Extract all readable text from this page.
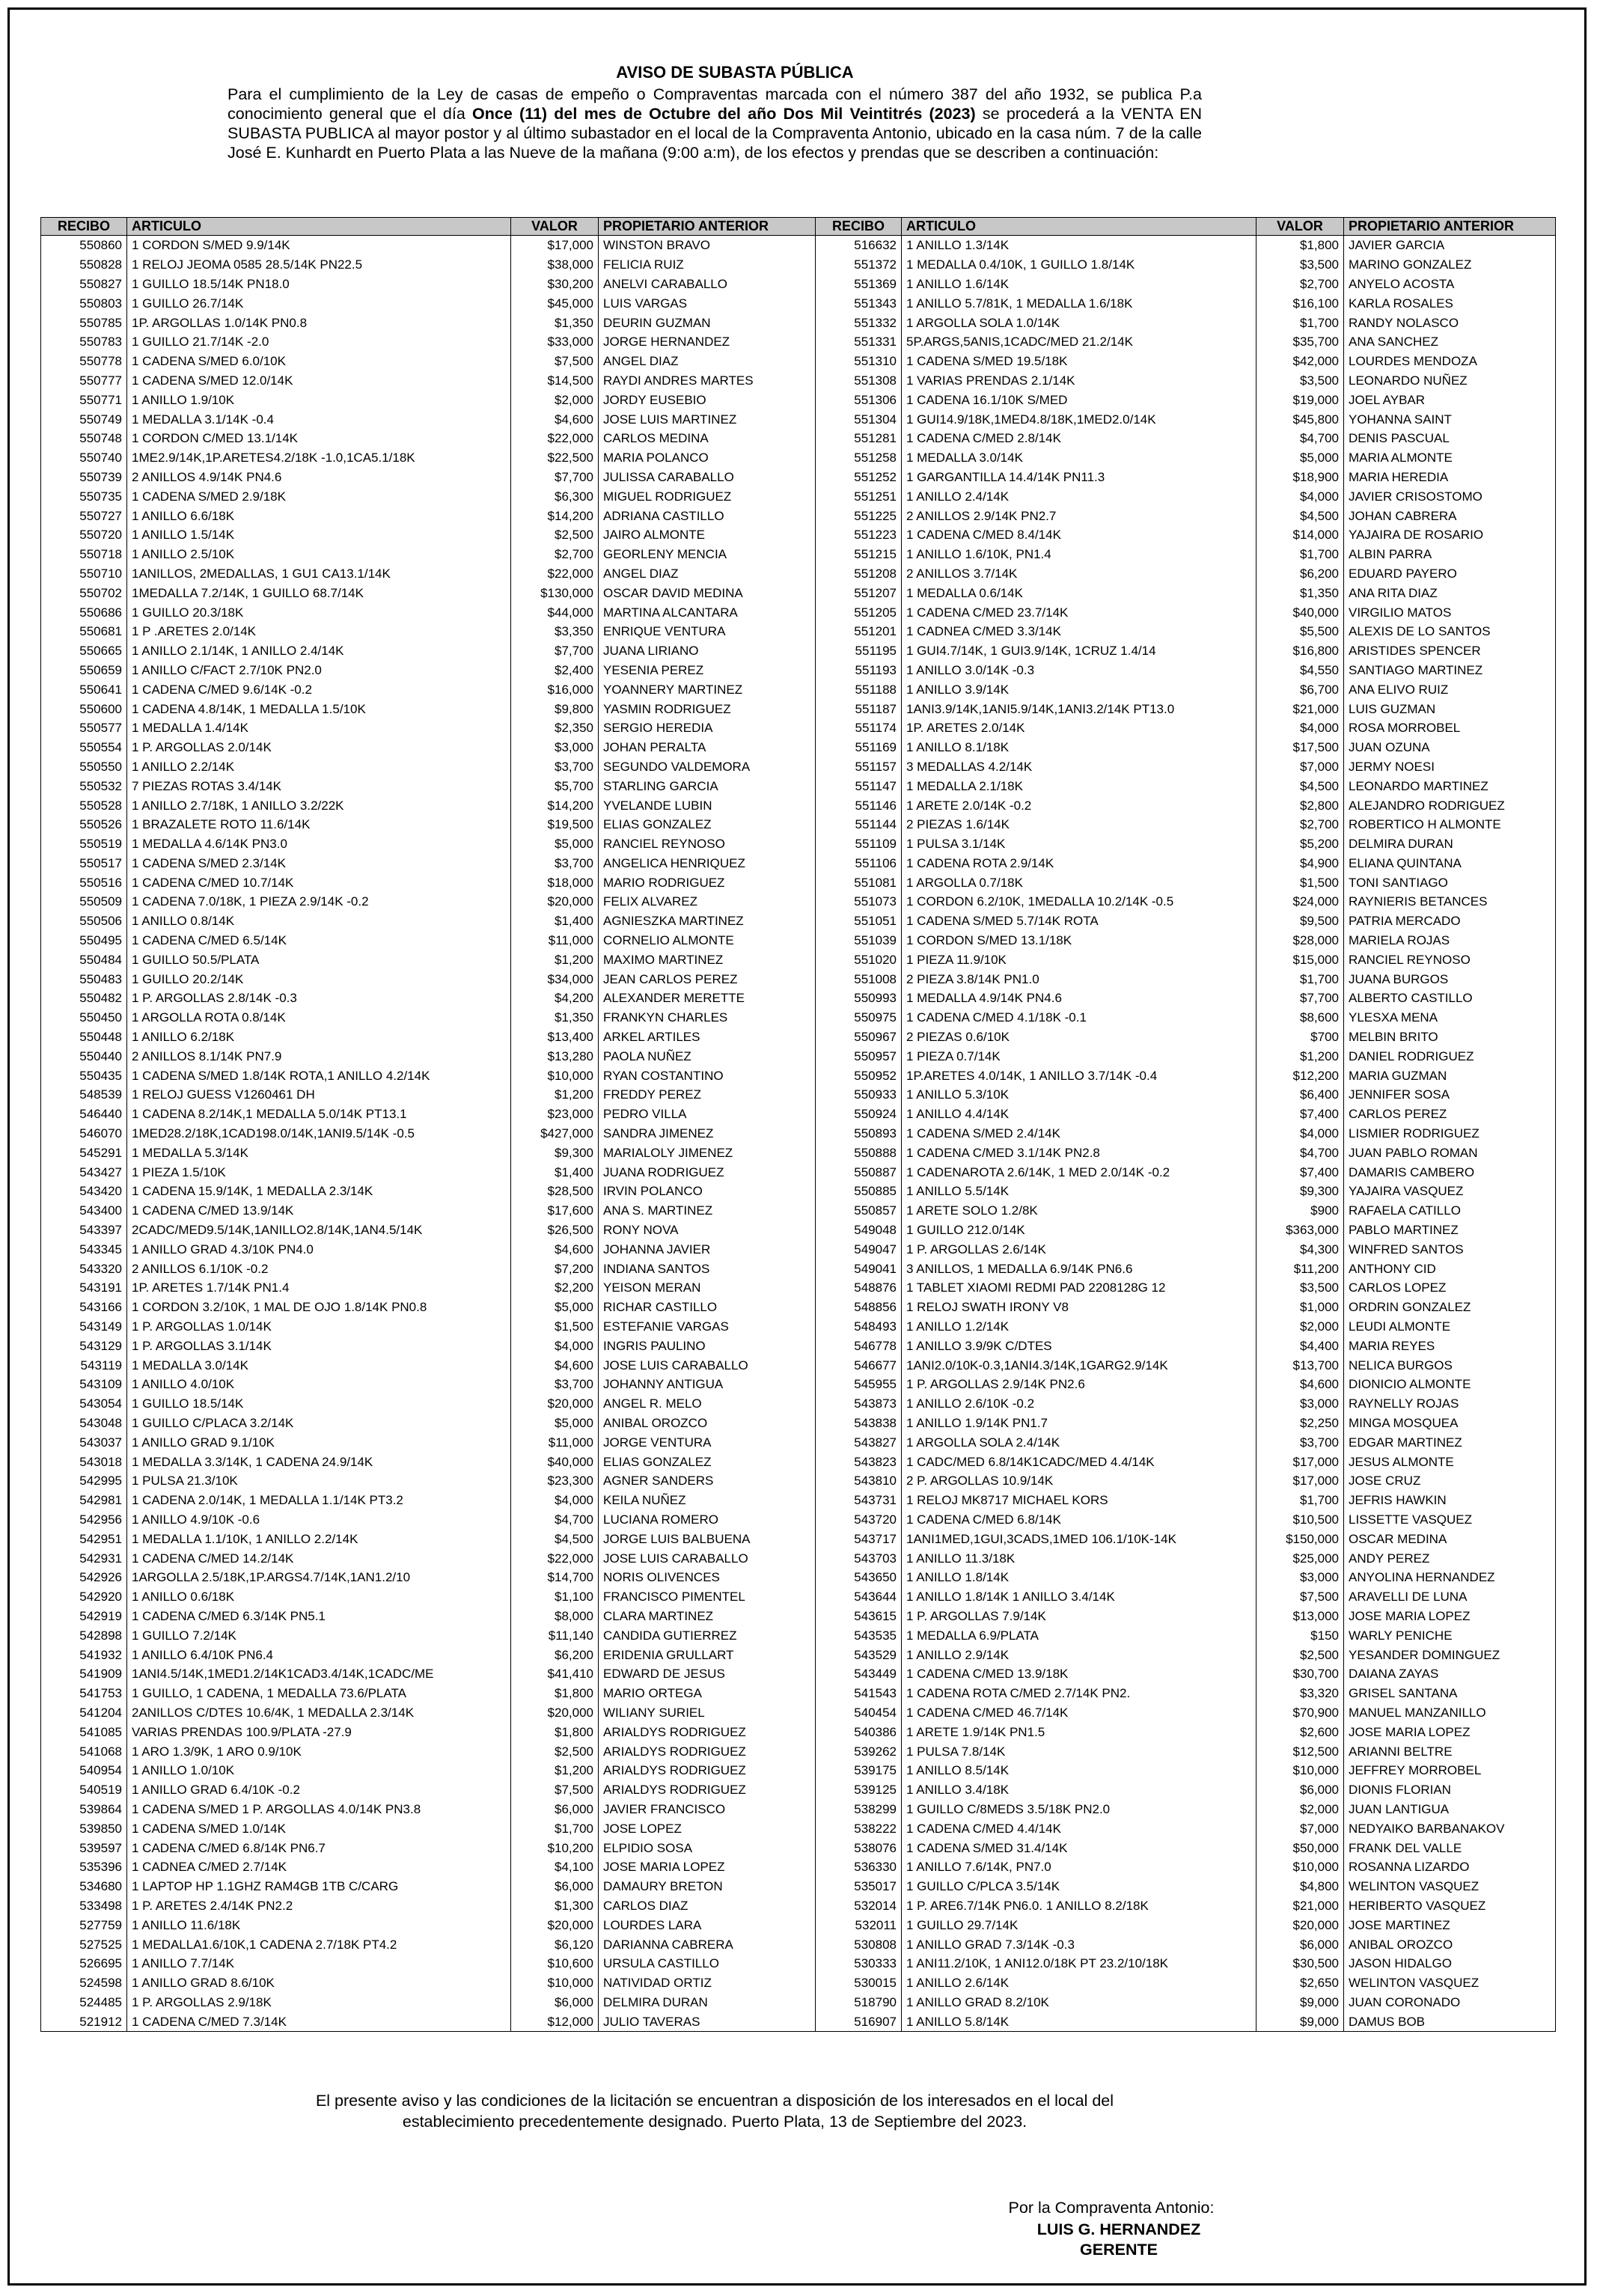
AVISO DE SUBASTA PÚBLICA
Para el cumplimiento de la Ley de casas de empeño o Compraventas marcada con el número 387 del año 1932, se publica P.a conocimiento general que el día Once (11) del mes de Octubre del año Dos Mil Veintitrés (2023) se procederá a la VENTA EN SUBASTA PUBLICA al mayor postor y al último subastador en el local de la Compraventa Antonio, ubicado en la casa núm. 7 de la calle José E. Kunhardt en Puerto Plata a las Nueve de la mañana (9:00 a:m), de los efectos y prendas que se describen a continuación:
RECIBO	ARTICULO	VALOR	PROPIETARIO ANTERIOR	RECIBO	ARTICULO	VALOR	PROPIETARIO ANTERIOR
550860	1 CORDON S/MED 9.9/14K	$17,000	WINSTON BRAVO	516632	1 ANILLO 1.3/14K	$1,800	JAVIER GARCIA
550828	1 RELOJ JEOMA 0585 28.5/14K PN22.5	$38,000	FELICIA RUIZ	551372	1 MEDALLA 0.4/10K, 1 GUILLO 1.8/14K	$3,500	MARINO GONZALEZ
550827	1 GUILLO 18.5/14K PN18.0	$30,200	ANELVI CARABALLO	551369	1 ANILLO 1.6/14K	$2,700	ANYELO ACOSTA
550803	1 GUILLO 26.7/14K	$45,000	LUIS VARGAS	551343	1 ANILLO 5.7/81K, 1 MEDALLA 1.6/18K	$16,100	KARLA ROSALES
550785	1P. ARGOLLAS 1.0/14K PN0.8	$1,350	DEURIN GUZMAN	551332	1 ARGOLLA SOLA 1.0/14K	$1,700	RANDY NOLASCO
550783	1 GUILLO 21.7/14K -2.0	$33,000	JORGE HERNANDEZ	551331	5P.ARGS,5ANIS,1CADC/MED 21.2/14K	$35,700	ANA SANCHEZ
550778	1 CADENA S/MED 6.0/10K	$7,500	ANGEL DIAZ	551310	1 CADENA S/MED 19.5/18K	$42,000	LOURDES MENDOZA
550777	1 CADENA S/MED 12.0/14K	$14,500	RAYDI ANDRES MARTES	551308	1 VARIAS PRENDAS 2.1/14K	$3,500	LEONARDO NUÑEZ
550771	1 ANILLO 1.9/10K	$2,000	JORDY EUSEBIO	551306	1 CADENA 16.1/10K S/MED	$19,000	JOEL AYBAR
550749	1 MEDALLA 3.1/14K -0.4	$4,600	JOSE LUIS MARTINEZ	551304	1 GUI14.9/18K,1MED4.8/18K,1MED2.0/14K	$45,800	YOHANNA SAINT
550748	1 CORDON C/MED 13.1/14K	$22,000	CARLOS MEDINA	551281	1 CADENA C/MED 2.8/14K	$4,700	DENIS PASCUAL
550740	1ME2.9/14K,1P.ARETES4.2/18K -1.0,1CA5.1/18K	$22,500	MARIA POLANCO	551258	1 MEDALLA 3.0/14K	$5,000	MARIA ALMONTE
550739	2 ANILLOS 4.9/14K PN4.6	$7,700	JULISSA CARABALLO	551252	1 GARGANTILLA 14.4/14K PN11.3	$18,900	MARIA HEREDIA
550735	1 CADENA S/MED 2.9/18K	$6,300	MIGUEL RODRIGUEZ	551251	1 ANILLO 2.4/14K	$4,000	JAVIER CRISOSTOMO
550727	1 ANILLO 6.6/18K	$14,200	ADRIANA CASTILLO	551225	2 ANILLOS 2.9/14K PN2.7	$4,500	JOHAN CABRERA
550720	1 ANILLO 1.5/14K	$2,500	JAIRO ALMONTE	551223	1 CADENA C/MED 8.4/14K	$14,000	YAJAIRA DE ROSARIO
550718	1 ANILLO 2.5/10K	$2,700	GEORLENY MENCIA	551215	1 ANILLO 1.6/10K, PN1.4	$1,700	ALBIN PARRA
550710	1ANILLOS, 2MEDALLAS, 1 GU1 CA13.1/14K	$22,000	ANGEL DIAZ	551208	2 ANILLOS 3.7/14K	$6,200	EDUARD PAYERO
550702	1MEDALLA 7.2/14K, 1 GUILLO 68.7/14K	$130,000	OSCAR DAVID MEDINA	551207	1 MEDALLA 0.6/14K	$1,350	ANA RITA DIAZ
550686	1 GUILLO 20.3/18K	$44,000	MARTINA ALCANTARA	551205	1 CADENA C/MED 23.7/14K	$40,000	VIRGILIO MATOS
550681	1 P .ARETES 2.0/14K	$3,350	ENRIQUE VENTURA	551201	1 CADNEA C/MED 3.3/14K	$5,500	ALEXIS DE LO SANTOS
550665	1 ANILLO 2.1/14K, 1 ANILLO 2.4/14K	$7,700	JUANA LIRIANO	551195	1 GUI4.7/14K, 1 GUI3.9/14K, 1CRUZ 1.4/14	$16,800	ARISTIDES SPENCER
550659	1 ANILLO C/FACT 2.7/10K PN2.0	$2,400	YESENIA PEREZ	551193	1 ANILLO 3.0/14K -0.3	$4,550	SANTIAGO MARTINEZ
550641	1 CADENA C/MED 9.6/14K -0.2	$16,000	YOANNERY MARTINEZ	551188	1 ANILLO 3.9/14K	$6,700	ANA ELIVO RUIZ
550600	1 CADENA 4.8/14K, 1 MEDALLA 1.5/10K	$9,800	YASMIN RODRIGUEZ	551187	1ANI3.9/14K,1ANI5.9/14K,1ANI3.2/14K PT13.0	$21,000	LUIS GUZMAN
550577	1 MEDALLA 1.4/14K	$2,350	SERGIO HEREDIA	551174	1P. ARETES 2.0/14K	$4,000	ROSA MORROBEL
550554	1 P. ARGOLLAS 2.0/14K	$3,000	JOHAN PERALTA	551169	1 ANILLO 8.1/18K	$17,500	JUAN OZUNA
550550	1 ANILLO 2.2/14K	$3,700	SEGUNDO VALDEMORA	551157	3 MEDALLAS 4.2/14K	$7,000	JERMY NOESI
550532	7 PIEZAS ROTAS 3.4/14K	$5,700	STARLING GARCIA	551147	1 MEDALLA 2.1/18K	$4,500	LEONARDO MARTINEZ
550528	1 ANILLO 2.7/18K, 1 ANILLO 3.2/22K	$14,200	YVELANDE LUBIN	551146	1 ARETE 2.0/14K -0.2	$2,800	ALEJANDRO RODRIGUEZ
550526	1 BRAZALETE ROTO 11.6/14K	$19,500	ELIAS GONZALEZ	551144	2 PIEZAS 1.6/14K	$2,700	ROBERTICO H ALMONTE
550519	1 MEDALLA 4.6/14K PN3.0	$5,000	RANCIEL REYNOSO	551109	1 PULSA 3.1/14K	$5,200	DELMIRA DURAN
550517	1 CADENA S/MED 2.3/14K	$3,700	ANGELICA HENRIQUEZ	551106	1 CADENA ROTA 2.9/14K	$4,900	ELIANA QUINTANA
550516	1 CADENA C/MED 10.7/14K	$18,000	MARIO RODRIGUEZ	551081	1 ARGOLLA 0.7/18K	$1,500	TONI SANTIAGO
550509	1 CADENA 7.0/18K, 1 PIEZA 2.9/14K -0.2	$20,000	FELIX ALVAREZ	551073	1 CORDON 6.2/10K, 1MEDALLA 10.2/14K -0.5	$24,000	RAYNIERIS BETANCES
550506	1 ANILLO 0.8/14K	$1,400	AGNIESZKA MARTINEZ	551051	1 CADENA S/MED 5.7/14K ROTA	$9,500	PATRIA MERCADO
550495	1 CADENA C/MED 6.5/14K	$11,000	CORNELIO ALMONTE	551039	1 CORDON S/MED 13.1/18K	$28,000	MARIELA ROJAS
550484	1 GUILLO 50.5/PLATA	$1,200	MAXIMO MARTINEZ	551020	1 PIEZA 11.9/10K	$15,000	RANCIEL REYNOSO
550483	1 GUILLO 20.2/14K	$34,000	JEAN CARLOS PEREZ	551008	2 PIEZA 3.8/14K PN1.0	$1,700	JUANA BURGOS
550482	1 P. ARGOLLAS 2.8/14K -0.3	$4,200	ALEXANDER MERETTE	550993	1 MEDALLA 4.9/14K PN4.6	$7,700	ALBERTO CASTILLO
550450	1 ARGOLLA ROTA 0.8/14K	$1,350	FRANKYN CHARLES	550975	1 CADENA C/MED 4.1/18K -0.1	$8,600	YLESXA MENA
550448	1 ANILLO 6.2/18K	$13,400	ARKEL ARTILES	550967	2 PIEZAS 0.6/10K	$700	MELBIN BRITO
550440	2 ANILLOS 8.1/14K PN7.9	$13,280	PAOLA NUÑEZ	550957	1 PIEZA 0.7/14K	$1,200	DANIEL RODRIGUEZ
550435	1 CADENA S/MED 1.8/14K ROTA,1 ANILLO 4.2/14K	$10,000	RYAN COSTANTINO	550952	1P.ARETES 4.0/14K, 1 ANILLO 3.7/14K -0.4	$12,200	MARIA GUZMAN
548539	1 RELOJ GUESS V1260461 DH	$1,200	FREDDY PEREZ	550933	1 ANILLO 5.3/10K	$6,400	JENNIFER SOSA
546440	1 CADENA 8.2/14K,1 MEDALLA 5.0/14K PT13.1	$23,000	PEDRO VILLA	550924	1 ANILLO 4.4/14K	$7,400	CARLOS PEREZ
546070	1MED28.2/18K,1CAD198.0/14K,1ANI9.5/14K -0.5	$427,000	SANDRA JIMENEZ	550893	1 CADENA S/MED 2.4/14K	$4,000	LISMIER RODRIGUEZ
545291	1 MEDALLA 5.3/14K	$9,300	MARIALOLY JIMENEZ	550888	1 CADENA C/MED 3.1/14K PN2.8	$4,700	JUAN PABLO ROMAN
543427	1 PIEZA 1.5/10K	$1,400	JUANA RODRIGUEZ	550887	1 CADENAROTA 2.6/14K, 1 MED 2.0/14K -0.2	$7,400	DAMARIS CAMBERO
543420	1 CADENA 15.9/14K, 1 MEDALLA 2.3/14K	$28,500	IRVIN POLANCO	550885	1 ANILLO 5.5/14K	$9,300	YAJAIRA VASQUEZ
543400	1 CADENA C/MED 13.9/14K	$17,600	ANA S. MARTINEZ	550857	1 ARETE SOLO 1.2/8K	$900	RAFAELA CATILLO
543397	2CADC/MED9.5/14K,1ANILLO2.8/14K,1AN4.5/14K	$26,500	RONY NOVA	549048	1 GUILLO 212.0/14K	$363,000	PABLO MARTINEZ
543345	1 ANILLO GRAD 4.3/10K PN4.0	$4,600	JOHANNA JAVIER	549047	1 P. ARGOLLAS 2.6/14K	$4,300	WINFRED SANTOS
543320	2 ANILLOS 6.1/10K -0.2	$7,200	INDIANA SANTOS	549041	3 ANILLOS, 1 MEDALLA 6.9/14K PN6.6	$11,200	ANTHONY CID
543191	1P. ARETES 1.7/14K PN1.4	$2,200	YEISON MERAN	548876	1 TABLET XIAOMI REDMI PAD 2208128G 12	$3,500	CARLOS LOPEZ
543166	1 CORDON 3.2/10K, 1 MAL DE OJO 1.8/14K PN0.8	$5,000	RICHAR CASTILLO	548856	1 RELOJ SWATH IRONY V8	$1,000	ORDRIN GONZALEZ
543149	1 P. ARGOLLAS 1.0/14K	$1,500	ESTEFANIE VARGAS	548493	1 ANILLO 1.2/14K	$2,000	LEUDI ALMONTE
543129	1 P. ARGOLLAS 3.1/14K	$4,000	INGRIS PAULINO	546778	1 ANILLO 3.9/9K C/DTES	$4,400	MARIA REYES
543119	1 MEDALLA 3.0/14K	$4,600	JOSE LUIS CARABALLO	546677	1ANI2.0/10K-0.3,1ANI4.3/14K,1GARG2.9/14K	$13,700	NELICA BURGOS
543109	1 ANILLO 4.0/10K	$3,700	JOHANNY ANTIGUA	545955	1 P. ARGOLLAS 2.9/14K PN2.6	$4,600	DIONICIO ALMONTE
543054	1 GUILLO 18.5/14K	$20,000	ANGEL R. MELO	543873	1 ANILLO 2.6/10K -0.2	$3,000	RAYNELLY ROJAS
543048	1 GUILLO C/PLACA 3.2/14K	$5,000	ANIBAL OROZCO	543838	1 ANILLO 1.9/14K PN1.7	$2,250	MINGA MOSQUEA
543037	1 ANILLO GRAD 9.1/10K	$11,000	JORGE VENTURA	543827	1 ARGOLLA SOLA 2.4/14K	$3,700	EDGAR MARTINEZ
543018	1 MEDALLA 3.3/14K, 1 CADENA 24.9/14K	$40,000	ELIAS GONZALEZ	543823	1 CADC/MED 6.8/14K1CADC/MED 4.4/14K	$17,000	JESUS ALMONTE
542995	1 PULSA 21.3/10K	$23,300	AGNER SANDERS	543810	2 P. ARGOLLAS 10.9/14K	$17,000	JOSE CRUZ
542981	1 CADENA 2.0/14K, 1 MEDALLA 1.1/14K PT3.2	$4,000	KEILA NUÑEZ	543731	1 RELOJ MK8717 MICHAEL KORS	$1,700	JEFRIS HAWKIN
542956	1 ANILLO 4.9/10K -0.6	$4,700	LUCIANA ROMERO	543720	1 CADENA C/MED 6.8/14K	$10,500	LISSETTE VASQUEZ
542951	1 MEDALLA 1.1/10K, 1 ANILLO 2.2/14K	$4,500	JORGE LUIS BALBUENA	543717	1ANI1MED,1GUI,3CADS,1MED 106.1/10K-14K	$150,000	OSCAR MEDINA
542931	1 CADENA C/MED 14.2/14K	$22,000	JOSE LUIS CARABALLO	543703	1 ANILLO 11.3/18K	$25,000	ANDY PEREZ
542926	1ARGOLLA 2.5/18K,1P.ARGS4.7/14K,1AN1.2/10	$14,700	NORIS OLIVENCES	543650	1 ANILLO 1.8/14K	$3,000	ANYOLINA HERNANDEZ
542920	1 ANILLO 0.6/18K	$1,100	FRANCISCO PIMENTEL	543644	1 ANILLO 1.8/14K 1 ANILLO 3.4/14K	$7,500	ARAVELLI DE LUNA
542919	1 CADENA C/MED 6.3/14K PN5.1	$8,000	CLARA MARTINEZ	543615	1 P. ARGOLLAS 7.9/14K	$13,000	JOSE MARIA LOPEZ
542898	1 GUILLO 7.2/14K	$11,140	CANDIDA GUTIERREZ	543535	1 MEDALLA 6.9/PLATA	$150	WARLY PENICHE
541932	1 ANILLO 6.4/10K PN6.4	$6,200	ERIDENIA GRULLART	543529	1 ANILLO 2.9/14K	$2,500	YESANDER DOMINGUEZ
541909	1ANI4.5/14K,1MED1.2/14K1CAD3.4/14K,1CADC/ME	$41,410	EDWARD DE JESUS	543449	1 CADENA C/MED 13.9/18K	$30,700	DAIANA ZAYAS
541753	1 GUILLO, 1 CADENA, 1 MEDALLA 73.6/PLATA	$1,800	MARIO ORTEGA	541543	1 CADENA ROTA C/MED 2.7/14K PN2.	$3,320	GRISEL SANTANA
541204	2ANILLOS C/DTES 10.6/4K, 1 MEDALLA 2.3/14K	$20,000	WILIANY SURIEL	540454	1 CADENA C/MED 46.7/14K	$70,900	MANUEL MANZANILLO
541085	VARIAS PRENDAS 100.9/PLATA -27.9	$1,800	ARIALDYS RODRIGUEZ	540386	1 ARETE 1.9/14K PN1.5	$2,600	JOSE MARIA LOPEZ
541068	1 ARO 1.3/9K, 1 ARO 0.9/10K	$2,500	ARIALDYS RODRIGUEZ	539262	1 PULSA 7.8/14K	$12,500	ARIANNI BELTRE
540954	1 ANILLO 1.0/10K	$1,200	ARIALDYS RODRIGUEZ	539175	1 ANILLO 8.5/14K	$10,000	JEFFREY MORROBEL
540519	1 ANILLO GRAD 6.4/10K -0.2	$7,500	ARIALDYS RODRIGUEZ	539125	1 ANILLO 3.4/18K	$6,000	DIONIS FLORIAN
539864	1 CADENA S/MED 1 P. ARGOLLAS 4.0/14K PN3.8	$6,000	JAVIER FRANCISCO	538299	1 GUILLO C/8MEDS 3.5/18K PN2.0	$2,000	JUAN LANTIGUA
539850	1 CADENA S/MED 1.0/14K	$1,700	JOSE LOPEZ	538222	1 CADENA C/MED 4.4/14K	$7,000	NEDYAIKO BARBANAKOV
539597	1 CADENA C/MED 6.8/14K PN6.7	$10,200	ELPIDIO SOSA	538076	1 CADENA S/MED 31.4/14K	$50,000	FRANK DEL VALLE
535396	1 CADNEA C/MED 2.7/14K	$4,100	JOSE MARIA LOPEZ	536330	1 ANILLO 7.6/14K, PN7.0	$10,000	ROSANNA LIZARDO
534680	1 LAPTOP HP 1.1GHZ RAM4GB 1TB C/CARG	$6,000	DAMAURY BRETON	535017	1 GUILLO C/PLCA 3.5/14K	$4,800	WELINTON VASQUEZ
533498	1 P. ARETES 2.4/14K PN2.2	$1,300	CARLOS DIAZ	532014	1 P. ARE6.7/14K PN6.0. 1 ANILLO 8.2/18K	$21,000	HERIBERTO VASQUEZ
527759	1 ANILLO 11.6/18K	$20,000	LOURDES LARA	532011	1 GUILLO 29.7/14K	$20,000	JOSE MARTINEZ
527525	1 MEDALLA1.6/10K,1 CADENA 2.7/18K PT4.2	$6,120	DARIANNA CABRERA	530808	1 ANILLO GRAD 7.3/14K -0.3	$6,000	ANIBAL OROZCO
526695	1 ANILLO 7.7/14K	$10,600	URSULA CASTILLO	530333	1 ANI11.2/10K, 1 ANI12.0/18K PT 23.2/10/18K	$30,500	JASON HIDALGO
524598	1 ANILLO GRAD 8.6/10K	$10,000	NATIVIDAD ORTIZ	530015	1 ANILLO 2.6/14K	$2,650	WELINTON VASQUEZ
524485	1 P. ARGOLLAS 2.9/18K	$6,000	DELMIRA DURAN	518790	1 ANILLO GRAD 8.2/10K	$9,000	JUAN CORONADO
521912	1 CADENA C/MED 7.3/14K	$12,000	JULIO TAVERAS	516907	1 ANILLO 5.8/14K	$9,000	DAMUS BOB
El presente aviso y las condiciones de la licitación se encuentran a disposición de los interesados en el local del
establecimiento precedentemente designado. Puerto Plata, 13 de Septiembre del 2023.
Por la Compraventa Antonio:
LUIS G. HERNANDEZ
GERENTE
